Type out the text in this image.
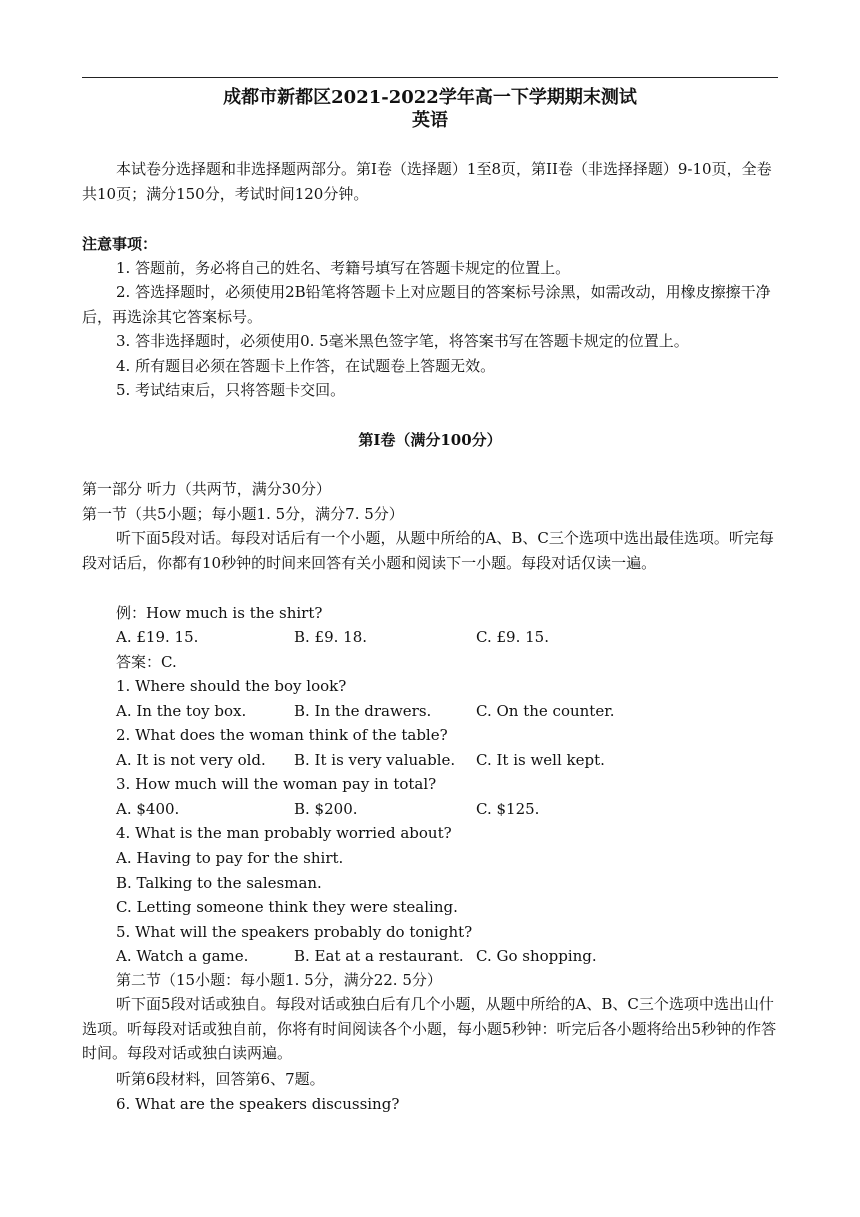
成都市新都区2021-2022学年高一下学期期末测试
英语

本试卷分选择题和非选择题两部分。第I卷（选择题）1至8页，第II卷（非选择择题）9-10页，全卷共10页；满分150分，考试时间120分钟。

注意事项：
1. 答题前，务必将自己的姓名、考籍号填写在答题卡规定的位置上。

2. 答选择题时，必须使用2B铅笔将答题卡上对应题目的答案标号涂黑，如需改动，用橡皮擦擦干净后，再选涂其它答案标号。

3. 答非选择题时，必须使用0. 5毫米黑色签字笔，将答案书写在答题卡规定的位置上。
4. 所有题目必须在答题卡上作答，在试题卷上答题无效。
5. 考试结束后，只将答题卡交回。
第I卷（满分100分）
第一部分 听力（共两节，满分30分）
第一节（共5小题；每小题1. 5分，满分7. 5分）

听下面5段对话。每段对话后有一个小题，从题中所给的A、B、C三个选项中选出最佳选项。听完每段对话后，你都有10秒钟的时间来回答有关小题和阅读下一小题。每段对话仅读一遍。

例：How much is the shirt?
A. £19. 15.	B. £9. 18.	C. £9. 15.
答案：C.
1. Where should the boy look?
A. In the toy box.	B. In the drawers.	C. On the counter.
2. What does the woman think of the table?
A. It is not very old. B. It is very valuable. C. It is well kept.
3. How much will the woman pay in total?
A. $400.	B. $200.	C. $125.
4. What is the man probably worried about?
A. Having to pay for the shirt.
B. Talking to the salesman.
C. Letting someone think they were stealing.
5. What will the speakers probably do tonight?
A. Watch a game.	B. Eat at a restaurant. C. Go shopping.
第二节（15小题：每小题1. 5分，满分22. 5分）

听下面5段对话或独自。每段对话或独白后有几个小题，从题中所给的A、B、C三个选项中选出山什选项。听每段对话或独自前，你将有时间阅读各个小题，每小题5秒钟：听完后各小题将给出5秒钟的作答时间。每段对话或独白读两遍。

听第6段材料，回答第6、7题。
6. What are the speakers discussing?
